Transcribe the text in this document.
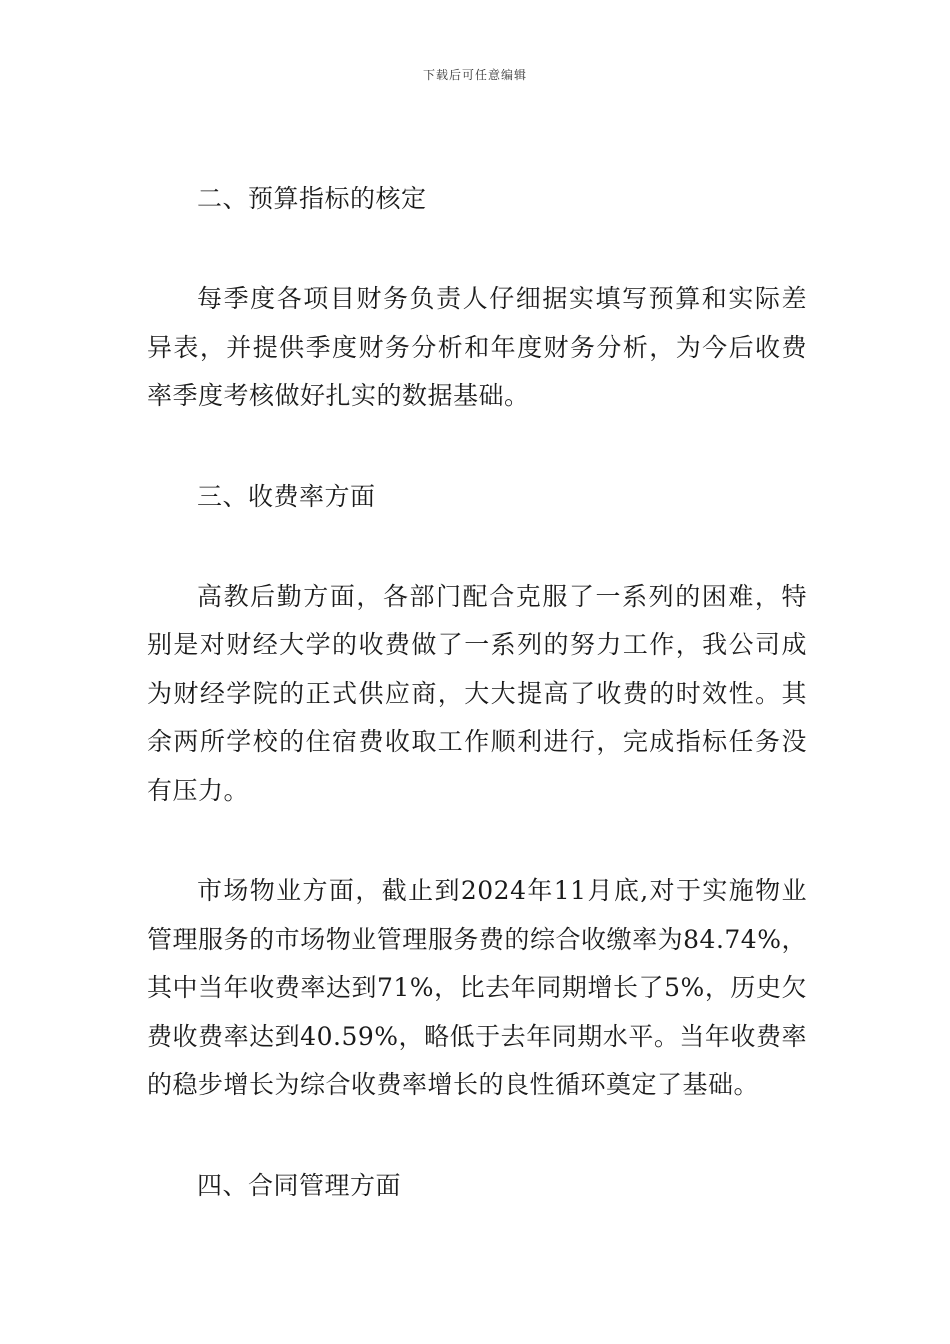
下载后可任意编辑
二、预算指标的核定

每季度各项目财务负责人仔细据实填写预算和实际差异表，并提供季度财务分析和年度财务分析，为今后收费率季度考核做好扎实的数据基础。

三、收费率方面

高教后勤方面，各部门配合克服了一系列的困难，特别是对财经大学的收费做了一系列的努力工作，我公司成为财经学院的正式供应商，大大提高了收费的时效性。其余两所学校的住宿费收取工作顺利进行，完成指标任务没有压力。

市场物业方面，截止到2024年11月底,对于实施物业管理服务的市场物业管理服务费的综合收缴率为84.74%，其中当年收费率达到71%，比去年同期增长了5%，历史欠费收费率达到40.59%，略低于去年同期水平。当年收费率的稳步增长为综合收费率增长的良性循环奠定了基础。

四、合同管理方面
